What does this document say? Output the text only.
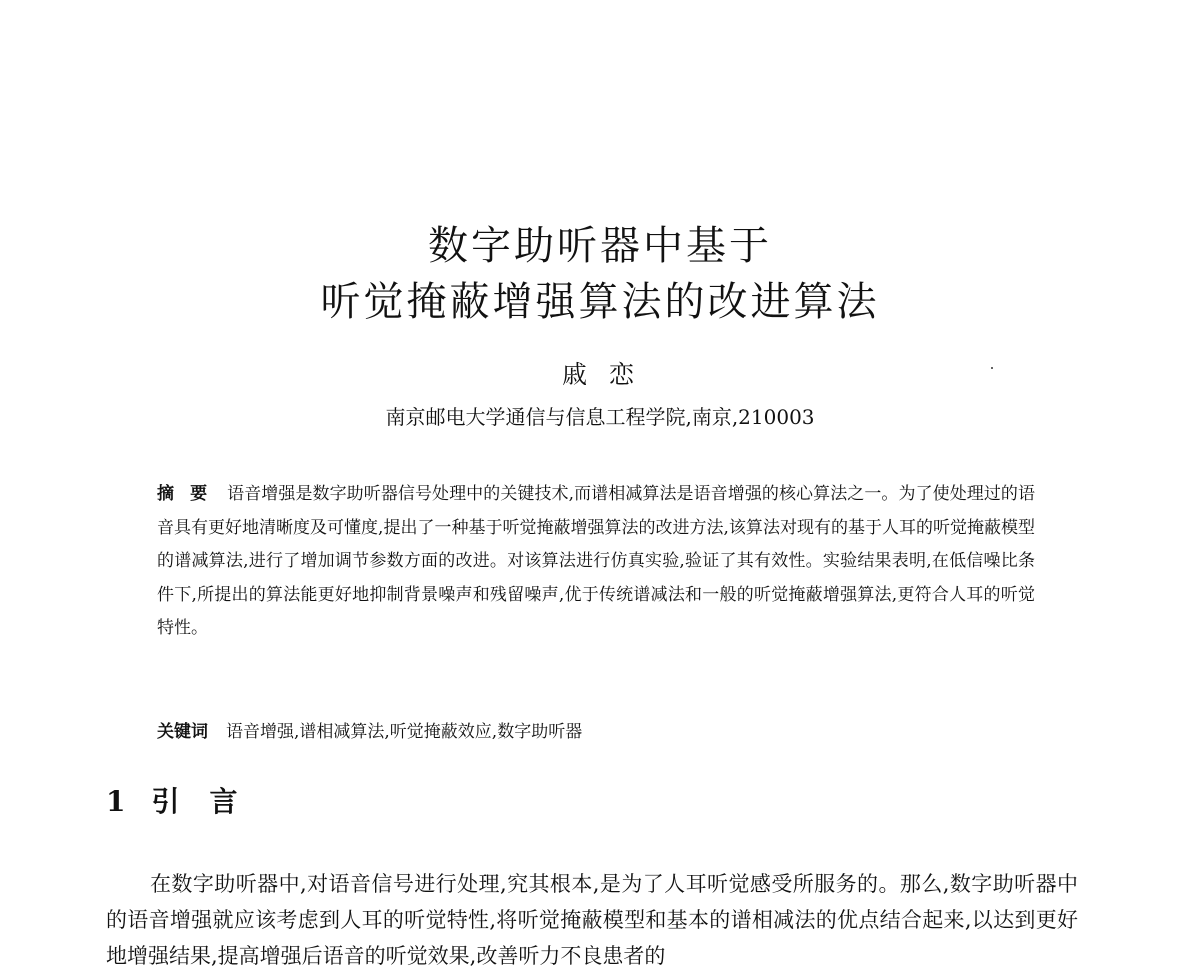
数字助听器中基于
听觉掩蔽增强算法的改进算法
戚恋
南京邮电大学通信与信息工程学院,南京,210003
摘要 语音增强是数字助听器信号处理中的关键技术,而谱相减算法是语音增强的核心算法之一。为了使处理过的语音具有更好地清晰度及可懂度,提出了一种基于听觉掩蔽增强算法的改进方法,该算法对现有的基于人耳的听觉掩蔽模型的谱减算法,进行了增加调节参数方面的改进。对该算法进行仿真实验,验证了其有效性。实验结果表明,在低信噪比条件下,所提出的算法能更好地抑制背景噪声和残留噪声,优于传统谱减法和一般的听觉掩蔽增强算法,更符合人耳的听觉特性。
关键词 语音增强,谱相减算法,听觉掩蔽效应,数字助听器
1 引言
在数字助听器中,对语音信号进行处理,究其根本,是为了人耳听觉感受所服务的。那么,数字助听器中的语音增强就应该考虑到人耳的听觉特性,将听觉掩蔽模型和基本的谱相减法的优点结合起来,以达到更好地增强结果,提高增强后语音的听觉效果,改善听力不良患者的
